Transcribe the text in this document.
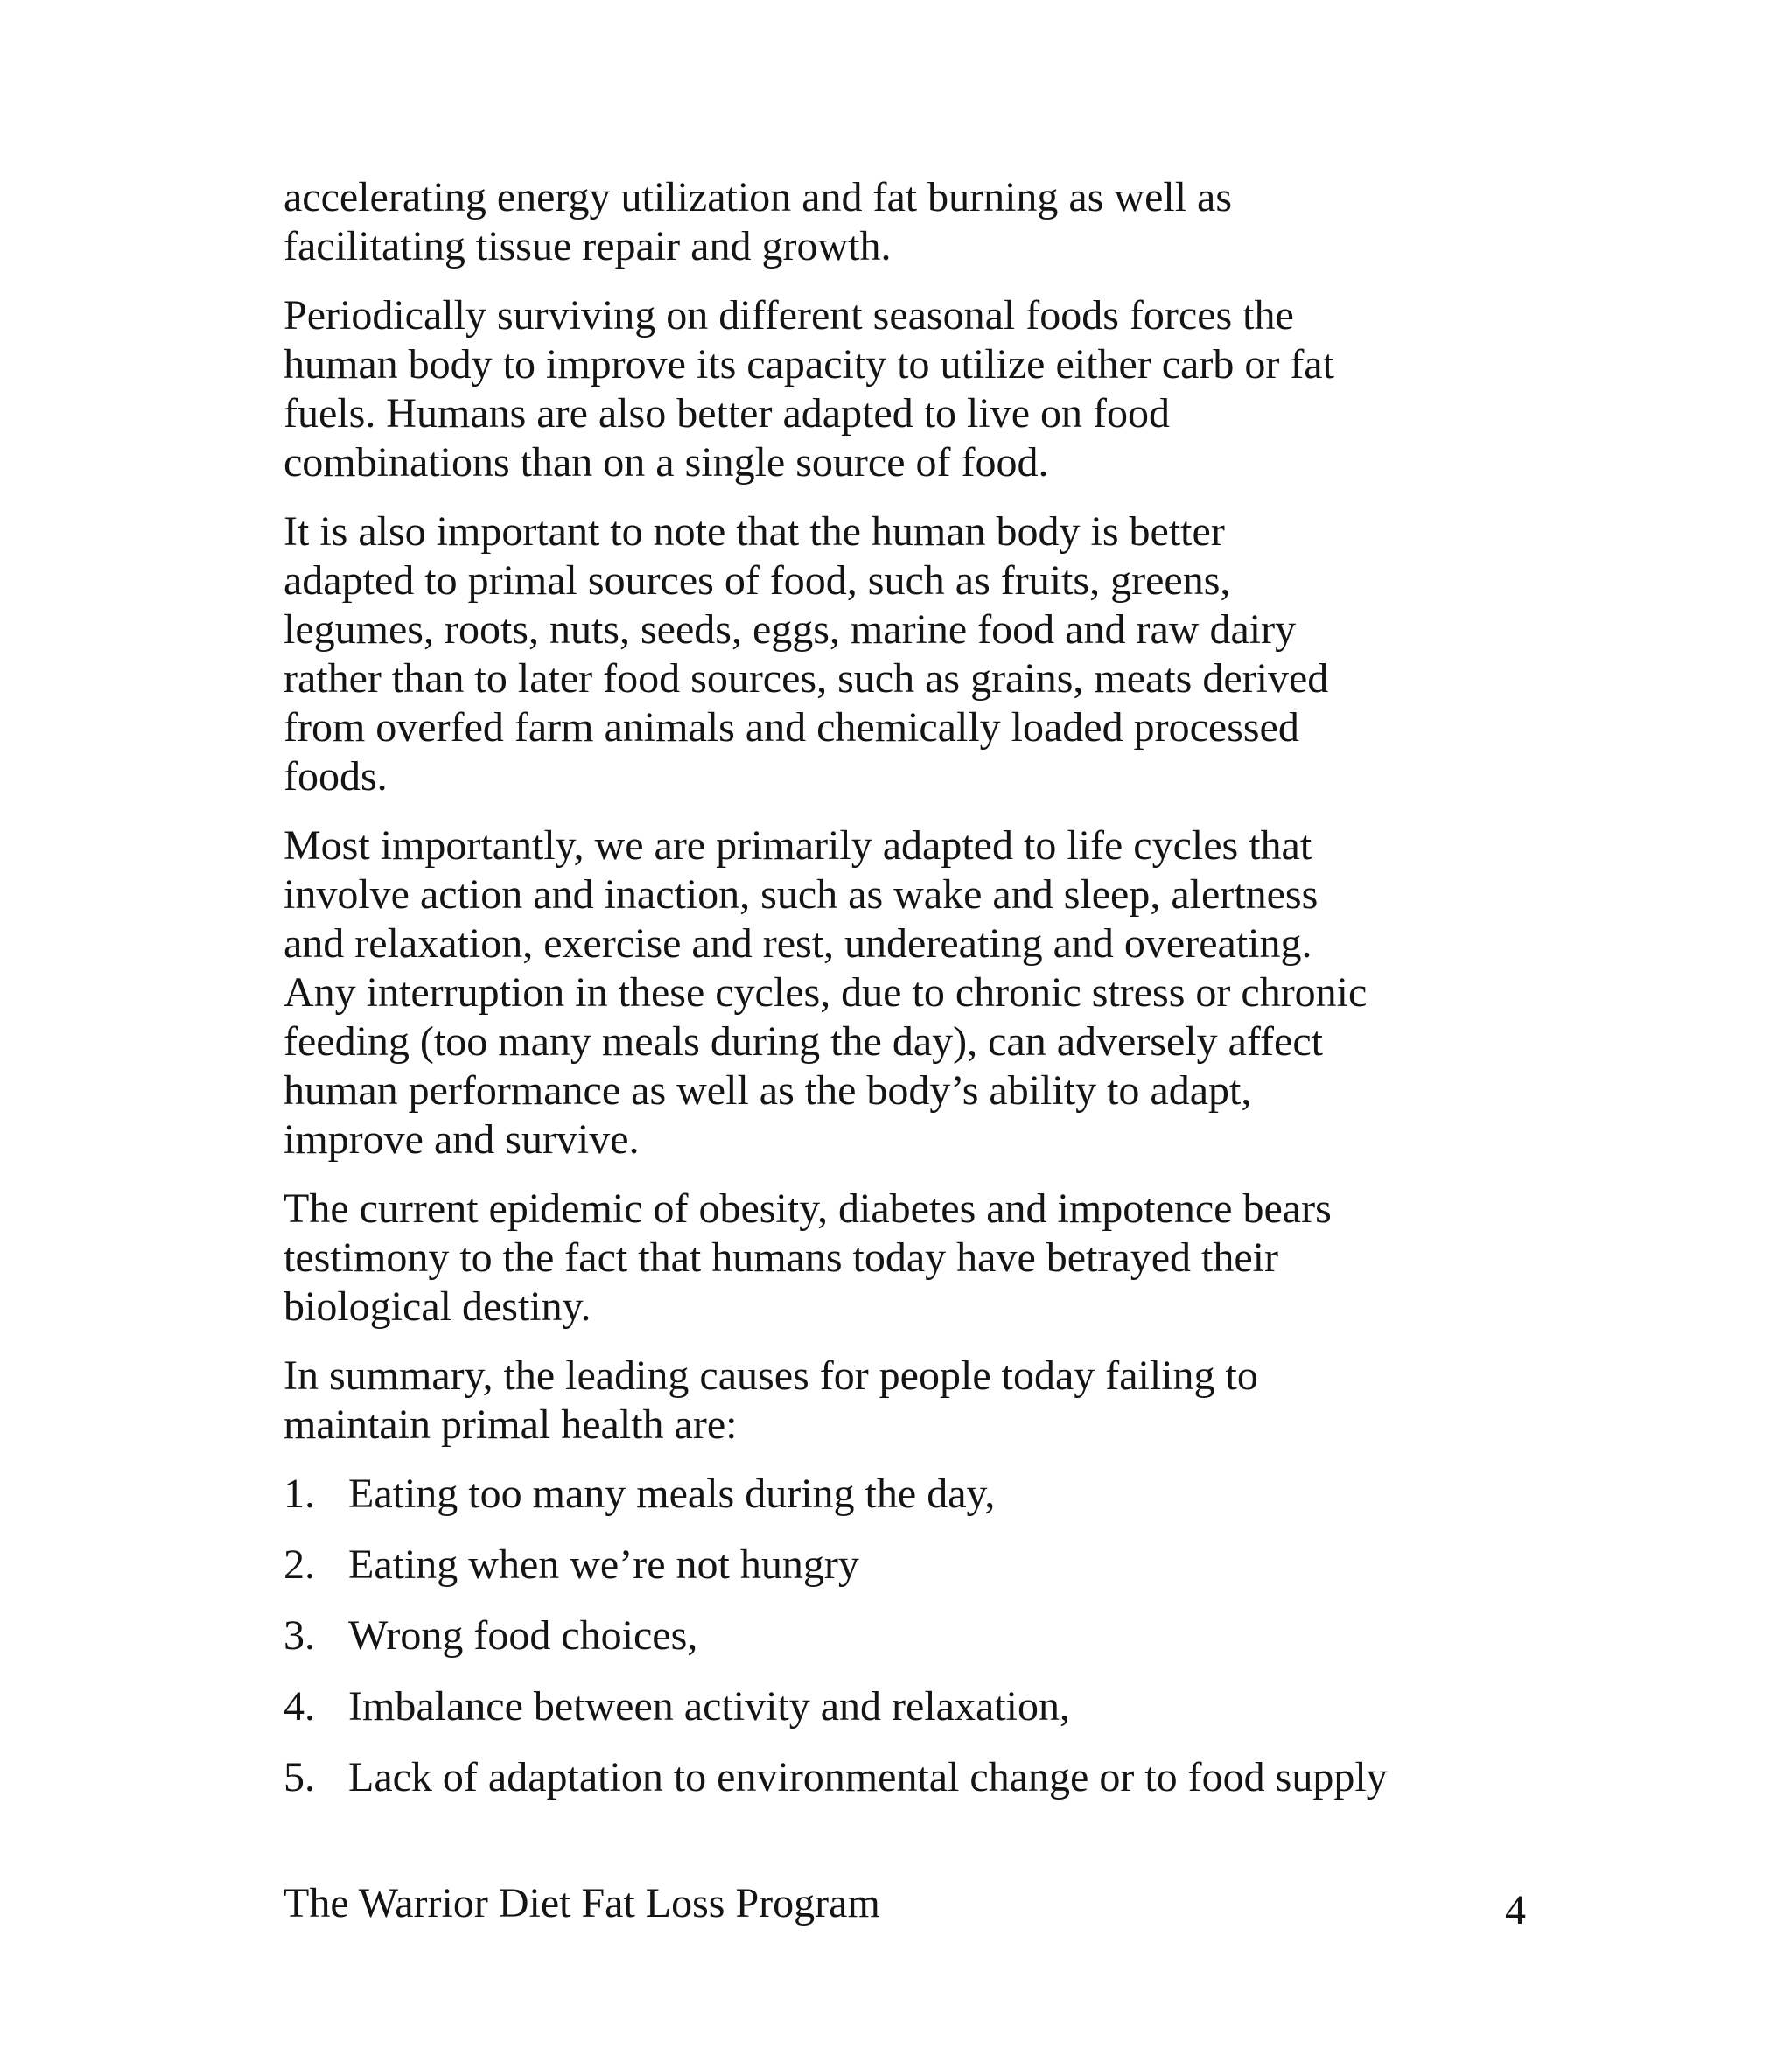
accelerating energy utilization and fat burning as well as
facilitating tissue repair and growth.

Periodically surviving on different seasonal foods forces the
human body to improve its capacity to utilize either carb or fat
fuels. Humans are also better adapted to live on food
combinations than on a single source of food.

It is also important to note that the human body is better
adapted to primal sources of food, such as fruits, greens,
legumes, roots, nuts, seeds, eggs, marine food and raw dairy
rather than to later food sources, such as grains, meats derived
from overfed farm animals and chemically loaded processed
foods.

Most importantly, we are primarily adapted to life cycles that
involve action and inaction, such as wake and sleep, alertness
and relaxation, exercise and rest, undereating and overeating.
Any interruption in these cycles, due to chronic stress or chronic
feeding (too many meals during the day), can adversely affect
human performance as well as the body’s ability to adapt,
improve and survive.

The current epidemic of obesity, diabetes and impotence bears
testimony to the fact that humans today have betrayed their
biological destiny.

In summary, the leading causes for people today failing to
maintain primal health are:

1. Eating too many meals during the day,
2. Eating when we’re not hungry
3. Wrong food choices,
4. Imbalance between activity and relaxation,
5. Lack of adaptation to environmental change or to food supply
The Warrior Diet Fat Loss Program	4
